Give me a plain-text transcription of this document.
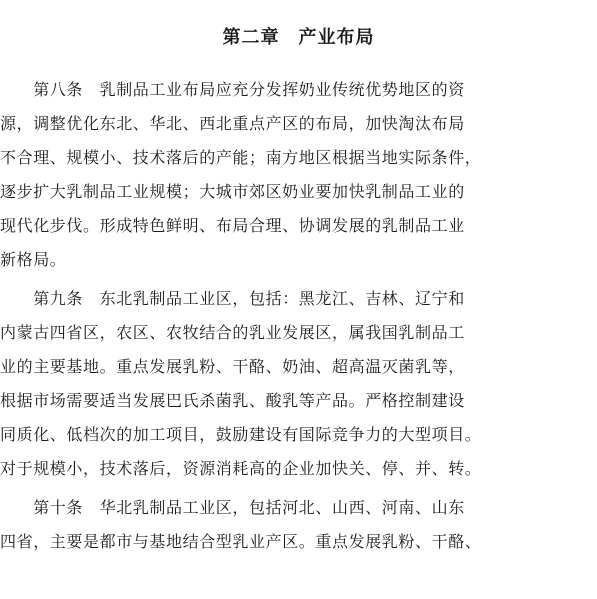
第二章　产业布局
　　第八条　乳制品工业布局应充分发挥奶业传统优势地区的资
源，调整优化东北、华北、西北重点产区的布局，加快淘汰布局
不合理、规模小、技术落后的产能；南方地区根据当地实际条件，
逐步扩大乳制品工业规模；大城市郊区奶业要加快乳制品工业的
现代化步伐。形成特色鲜明、布局合理、协调发展的乳制品工业
新格局。
　　第九条　东北乳制品工业区，包括：黑龙江、吉林、辽宁和
内蒙古四省区，农区、农牧结合的乳业发展区，属我国乳制品工
业的主要基地。重点发展乳粉、干酪、奶油、超高温灭菌乳等，
根据市场需要适当发展巴氏杀菌乳、酸乳等产品。严格控制建设
同质化、低档次的加工项目，鼓励建设有国际竞争力的大型项目。
对于规模小，技术落后，资源消耗高的企业加快关、停、并、转。
　　第十条　华北乳制品工业区，包括河北、山西、河南、山东
四省，主要是都市与基地结合型乳业产区。重点发展乳粉、干酪、
